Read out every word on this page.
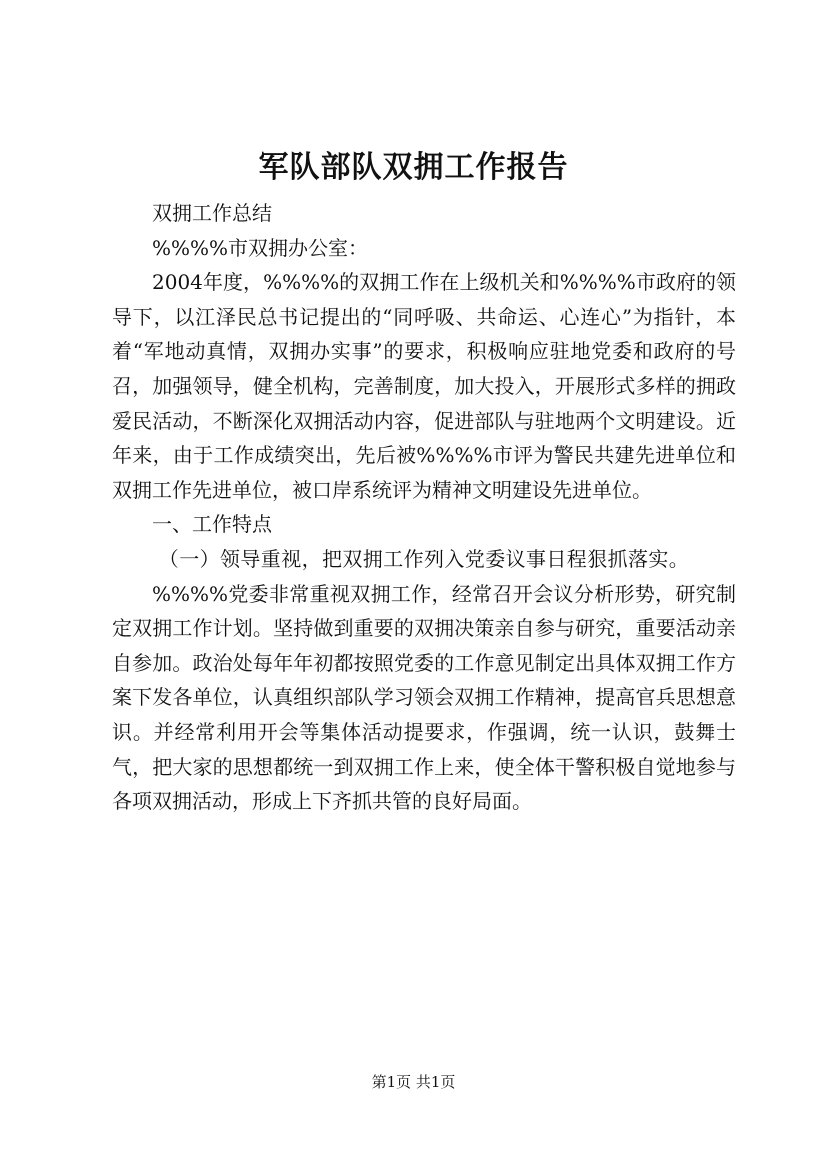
军队部队双拥工作报告

双拥工作总结

%%%%市双拥办公室：

2004年度，%%%%的双拥工作在上级机关和%%%%市政府的领导下，以江泽民总书记提出的“同呼吸、共命运、心连心”为指针，本着“军地动真情，双拥办实事”的要求，积极响应驻地党委和政府的号召，加强领导，健全机构，完善制度，加大投入，开展形式多样的拥政爱民活动，不断深化双拥活动内容，促进部队与驻地两个文明建设。近年来，由于工作成绩突出，先后被%%%%市评为警民共建先进单位和双拥工作先进单位，被口岸系统评为精神文明建设先进单位。

一、工作特点

（一）领导重视，把双拥工作列入党委议事日程狠抓落实。

%%%%党委非常重视双拥工作，经常召开会议分析形势，研究制定双拥工作计划。坚持做到重要的双拥决策亲自参与研究，重要活动亲自参加。政治处每年年初都按照党委的工作意见制定出具体双拥工作方案下发各单位，认真组织部队学习领会双拥工作精神，提高官兵思想意识。并经常利用开会等集体活动提要求，作强调，统一认识，鼓舞士气，把大家的思想都统一到双拥工作上来，使全体干警积极自觉地参与各项双拥活动，形成上下齐抓共管的良好局面。

第1页 共1页
